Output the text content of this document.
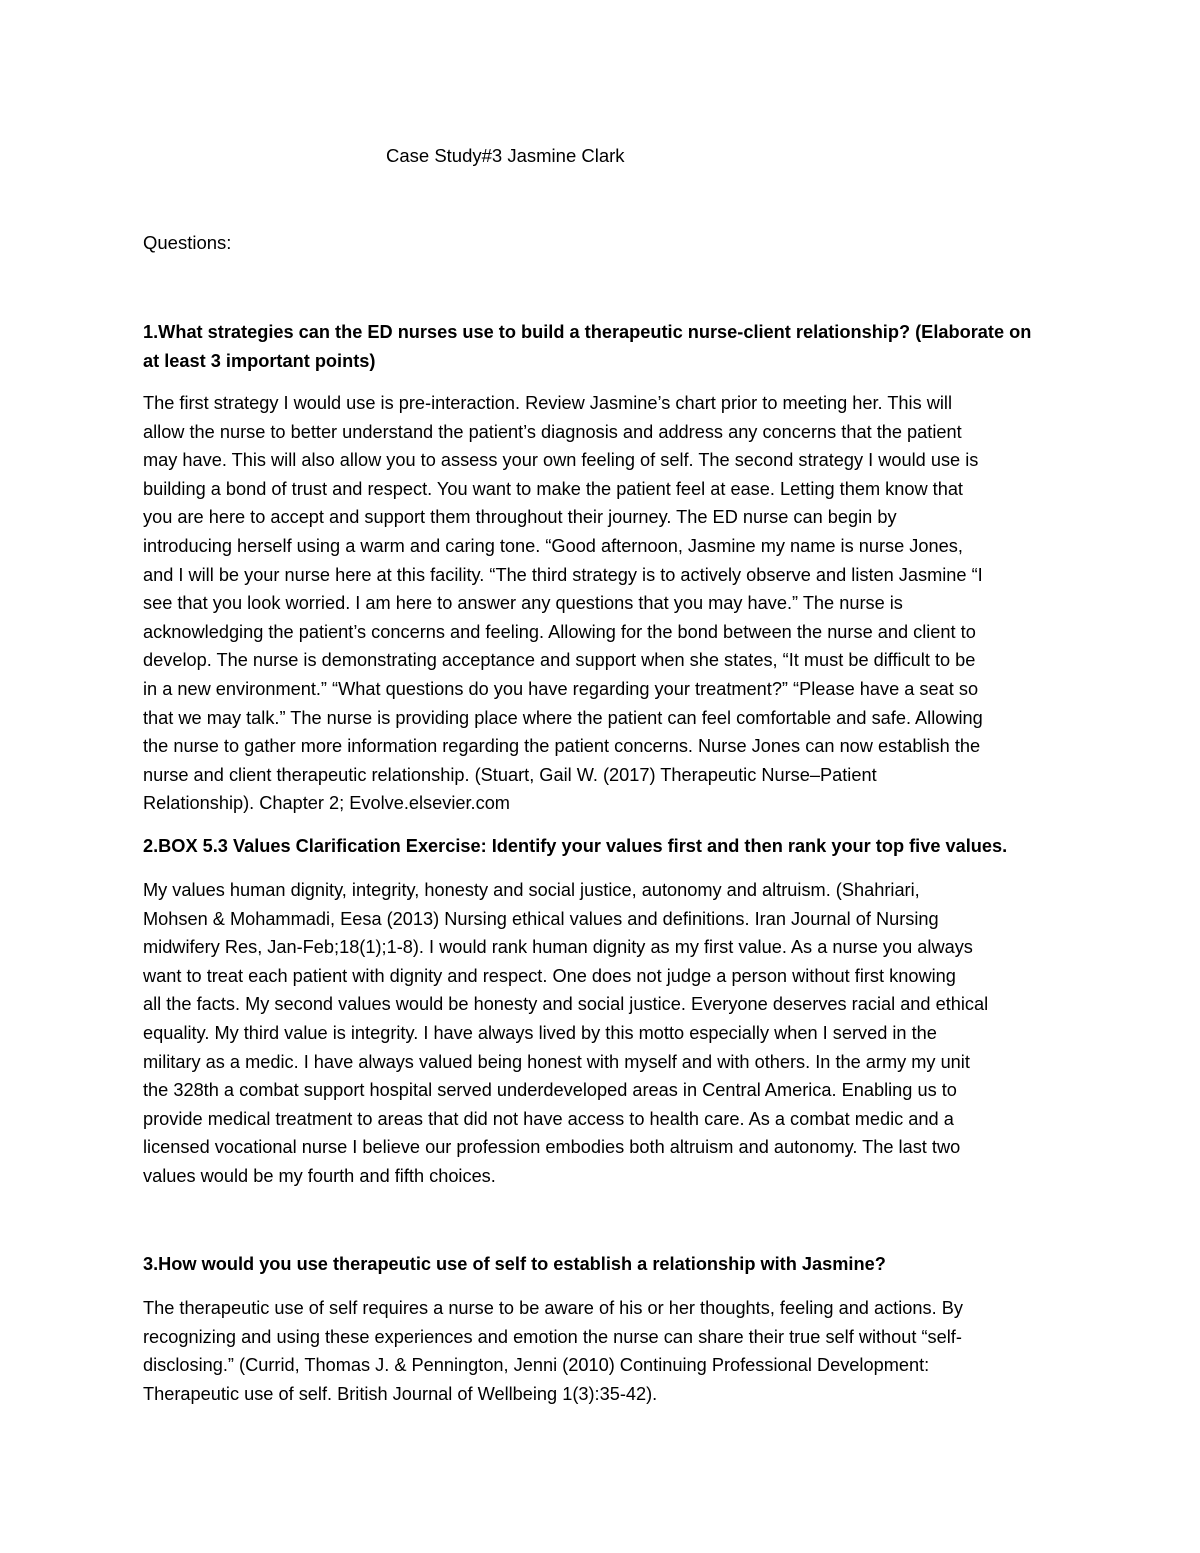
Case Study#3 Jasmine Clark
Questions:
1.What strategies can the ED nurses use to build a therapeutic nurse-client relationship? (Elaborate on
at least 3 important points)
The first strategy I would use is pre-interaction. Review Jasmine’s chart prior to meeting her. This will
allow the nurse to better understand the patient’s diagnosis and address any concerns that the patient
may have. This will also allow you to assess your own feeling of self. The second strategy I would use is
building a bond of trust and respect. You want to make the patient feel at ease. Letting them know that
you are here to accept and support them throughout their journey. The ED nurse can begin by
introducing herself using a warm and caring tone. “Good afternoon, Jasmine my name is nurse Jones,
and I will be your nurse here at this facility. “The third strategy is to actively observe and listen Jasmine “I
see that you look worried. I am here to answer any questions that you may have.” The nurse is
acknowledging the patient’s concerns and feeling. Allowing for the bond between the nurse and client to
develop. The nurse is demonstrating acceptance and support when she states, “It must be difficult to be
in a new environment.” “What questions do you have regarding your treatment?” “Please have a seat so
that we may talk.” The nurse is providing place where the patient can feel comfortable and safe. Allowing
the nurse to gather more information regarding the patient concerns. Nurse Jones can now establish the
nurse and client therapeutic relationship. (Stuart, Gail W. (2017) Therapeutic Nurse–Patient
Relationship). Chapter 2; Evolve.elsevier.com
2.BOX 5.3 Values Clarification Exercise: Identify your values first and then rank your top five values.
My values human dignity, integrity, honesty and social justice, autonomy and altruism. (Shahriari,
Mohsen & Mohammadi, Eesa (2013) Nursing ethical values and definitions. Iran Journal of Nursing
midwifery Res, Jan-Feb;18(1);1-8). I would rank human dignity as my first value. As a nurse you always
want to treat each patient with dignity and respect. One does not judge a person without first knowing
all the facts. My second values would be honesty and social justice. Everyone deserves racial and ethical
equality. My third value is integrity. I have always lived by this motto especially when I served in the
military as a medic. I have always valued being honest with myself and with others. In the army my unit
the 328th a combat support hospital served underdeveloped areas in Central America. Enabling us to
provide medical treatment to areas that did not have access to health care. As a combat medic and a
licensed vocational nurse I believe our profession embodies both altruism and autonomy. The last two
values would be my fourth and fifth choices.
3.How would you use therapeutic use of self to establish a relationship with Jasmine?
The therapeutic use of self requires a nurse to be aware of his or her thoughts, feeling and actions. By
recognizing and using these experiences and emotion the nurse can share their true self without “self-
disclosing.” (Currid, Thomas J. & Pennington, Jenni (2010) Continuing Professional Development:
Therapeutic use of self. British Journal of Wellbeing 1(3):35-42).
